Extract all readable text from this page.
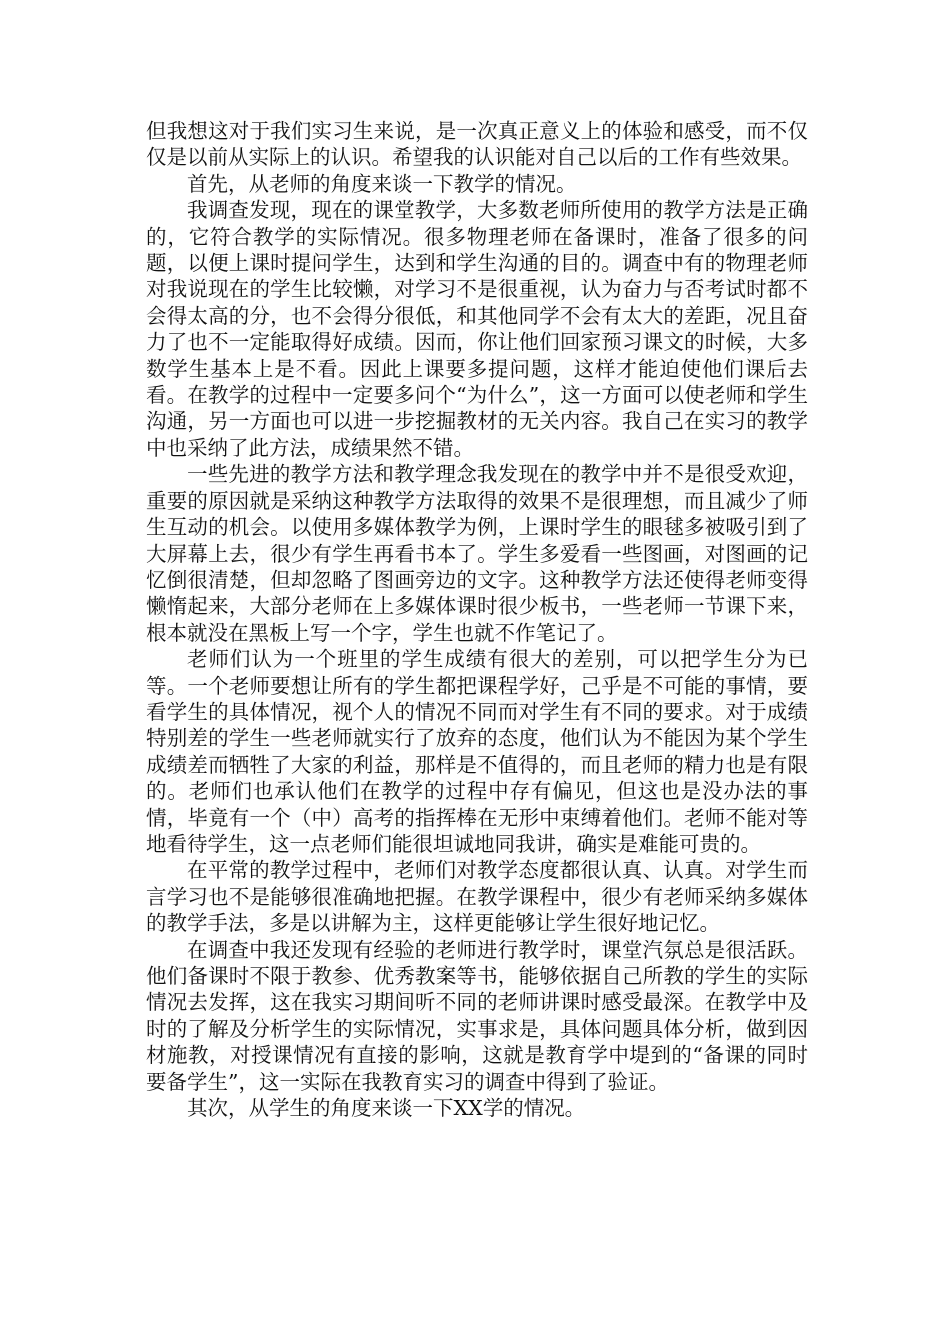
但我想这对于我们实习生来说，是一次真正意义上的体验和感受，而不仅仅是以前从实际上的认识。希望我的认识能对自己以后的工作有些效果。

首先，从老师的角度来谈一下教学的情况。

我调查发现，现在的课堂教学，大多数老师所使用的教学方法是正确的，它符合教学的实际情况。很多物理老师在备课时，准备了很多的问题，以便上课时提问学生，达到和学生沟通的目的。调查中有的物理老师对我说现在的学生比较懒，对学习不是很重视，认为奋力与否考试时都不会得太高的分，也不会得分很低，和其他同学不会有太大的差距，况且奋力了也不一定能取得好成绩。因而，你让他们回家预习课文的时候，大多数学生基本上是不看。因此上课要多提问题，这样才能迫使他们课后去看。在教学的过程中一定要多问个“为什么”，这一方面可以使老师和学生沟通，另一方面也可以进一步挖掘教材的无关内容。我自己在实习的教学中也采纳了此方法，成绩果然不错。

一些先进的教学方法和教学理念我发现在的教学中并不是很受欢迎，重要的原因就是采纳这种教学方法取得的效果不是很理想，而且减少了师生互动的机会。以使用多媒体教学为例，上课时学生的眼毬多被吸引到了大屏幕上去，很少有学生再看书本了。学生多爱看一些图画，对图画的记忆倒很清楚，但却忽略了图画旁边的文字。这种教学方法还使得老师变得懒惰起来，大部分老师在上多媒体课时很少板书，一些老师一节课下来，根本就没在黑板上写一个字，学生也就不作笔记了。

老师们认为一个班里的学生成绩有很大的差别，可以把学生分为已等。一个老师要想让所有的学生都把课程学好，己乎是不可能的事情，要看学生的具体情况，视个人的情况不同而对学生有不同的要求。对于成绩特别差的学生一些老师就实行了放弃的态度，他们认为不能因为某个学生成绩差而牺牲了大家的利益，那样是不值得的，而且老师的精力也是有限的。老师们也承认他们在教学的过程中存有偏见，但这也是没办法的事情，毕竟有一个（中）高考的指挥棒在无形中束缚着他们。老师不能对等地看待学生，这一点老师们能很坦诚地同我讲，确实是难能可贵的。

在平常的教学过程中，老师们对教学态度都很认真、认真。对学生而言学习也不是能够很准确地把握。在教学课程中，很少有老师采纳多媒体的教学手法，多是以讲解为主，这样更能够让学生很好地记忆。

在调查中我还发现有经验的老师进行教学时，课堂汽氛总是很活跃。他们备课时不限于教参、优秀教案等书，能够依据自己所教的学生的实际情况去发挥，这在我实习期间听不同的老师讲课时感受最深。在教学中及时的了解及分析学生的实际情况，实事求是，具体问题具体分析，做到因材施教，对授课情况有直接的影响，这就是教育学中堤到的“备课的同时要备学生”，这一实际在我教育实习的调查中得到了验证。

其次，从学生的角度来谈一下XX学的情况。
